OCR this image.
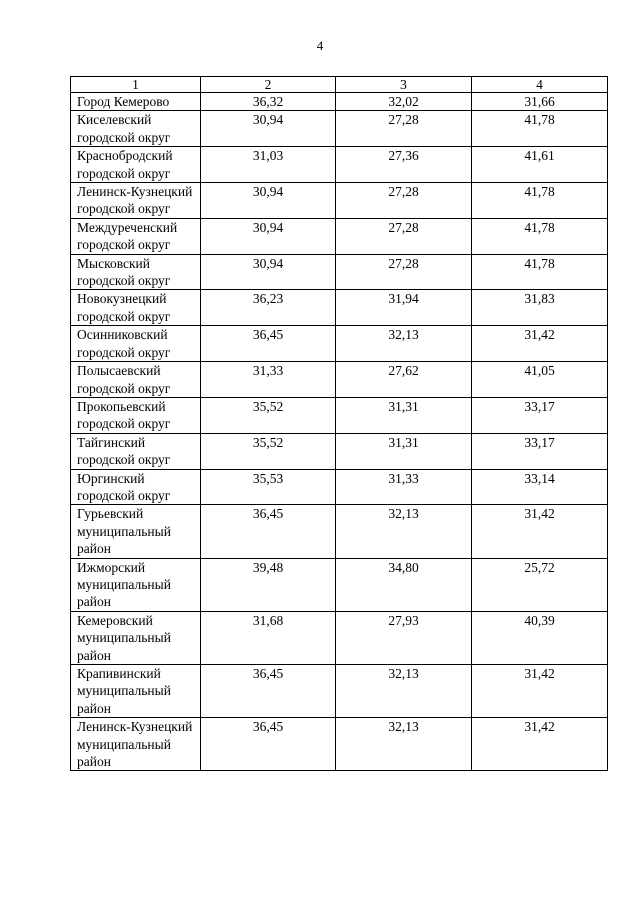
4
1	2	3	4
Город Кемерово	36,32	32,02	31,66
Киселевский городской округ	30,94	27,28	41,78
Краснобродский городской округ	31,03	27,36	41,61
Ленинск-Кузнецкий городской округ	30,94	27,28	41,78
Междуреченский городской округ	30,94	27,28	41,78
Мысковский городской округ	30,94	27,28	41,78
Новокузнецкий городской округ	36,23	31,94	31,83
Осинниковский городской округ	36,45	32,13	31,42
Полысаевский городской округ	31,33	27,62	41,05
Прокопьевский городской округ	35,52	31,31	33,17
Тайгинский городской округ	35,52	31,31	33,17
Юргинский городской округ	35,53	31,33	33,14
Гурьевский муниципальный район	36,45	32,13	31,42
Ижморский муниципальный район	39,48	34,80	25,72
Кемеровский муниципальный район	31,68	27,93	40,39
Крапивинский муниципальный район	36,45	32,13	31,42
Ленинск-Кузнецкий муниципальный район	36,45	32,13	31,42
